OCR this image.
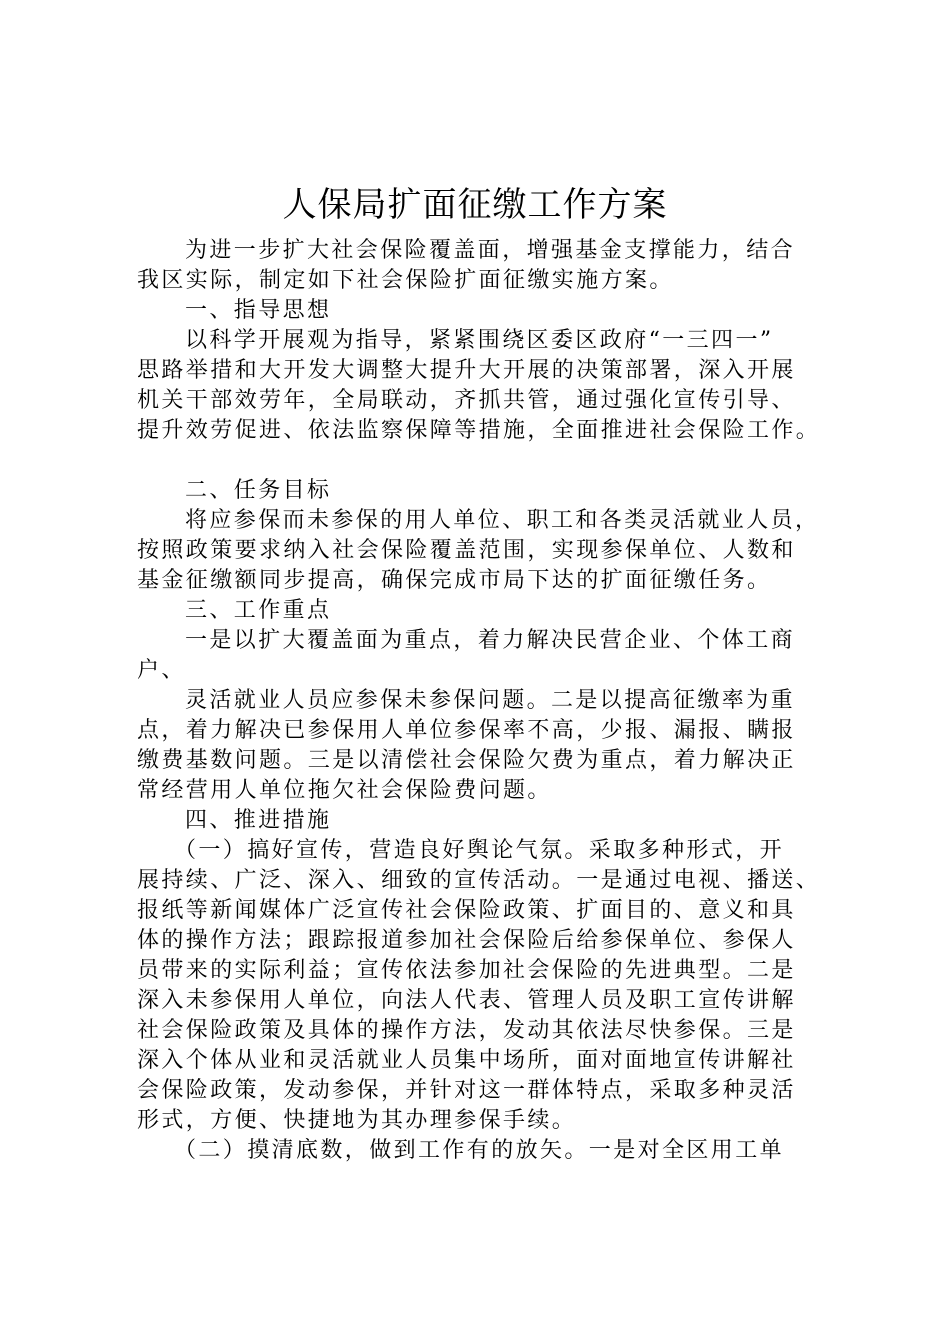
人保局扩面征缴工作方案
为进一步扩大社会保险覆盖面，增强基金支撑能力，结合
我区实际，制定如下社会保险扩面征缴实施方案。
一、指导思想
以科学开展观为指导，紧紧围绕区委区政府“一三四一”
思路举措和大开发大调整大提升大开展的决策部署，深入开展
机关干部效劳年，全局联动，齐抓共管，通过强化宣传引导、
提升效劳促进、依法监察保障等措施，全面推进社会保险工作。
二、任务目标
将应参保而未参保的用人单位、职工和各类灵活就业人员，
按照政策要求纳入社会保险覆盖范围，实现参保单位、人数和
基金征缴额同步提高，确保完成市局下达的扩面征缴任务。
三、工作重点
一是以扩大覆盖面为重点，着力解决民营企业、个体工商
户、
灵活就业人员应参保未参保问题。二是以提高征缴率为重
点，着力解决已参保用人单位参保率不高，少报、漏报、瞒报
缴费基数问题。三是以清偿社会保险欠费为重点，着力解决正
常经营用人单位拖欠社会保险费问题。
四、推进措施
（一）搞好宣传，营造良好舆论气氛。采取多种形式，开
展持续、广泛、深入、细致的宣传活动。一是通过电视、播送、
报纸等新闻媒体广泛宣传社会保险政策、扩面目的、意义和具
体的操作方法；跟踪报道参加社会保险后给参保单位、参保人
员带来的实际利益；宣传依法参加社会保险的先进典型。二是
深入未参保用人单位，向法人代表、管理人员及职工宣传讲解
社会保险政策及具体的操作方法，发动其依法尽快参保。三是
深入个体从业和灵活就业人员集中场所，面对面地宣传讲解社
会保险政策，发动参保，并针对这一群体特点，采取多种灵活
形式，方便、快捷地为其办理参保手续。
（二）摸清底数，做到工作有的放矢。一是对全区用工单
